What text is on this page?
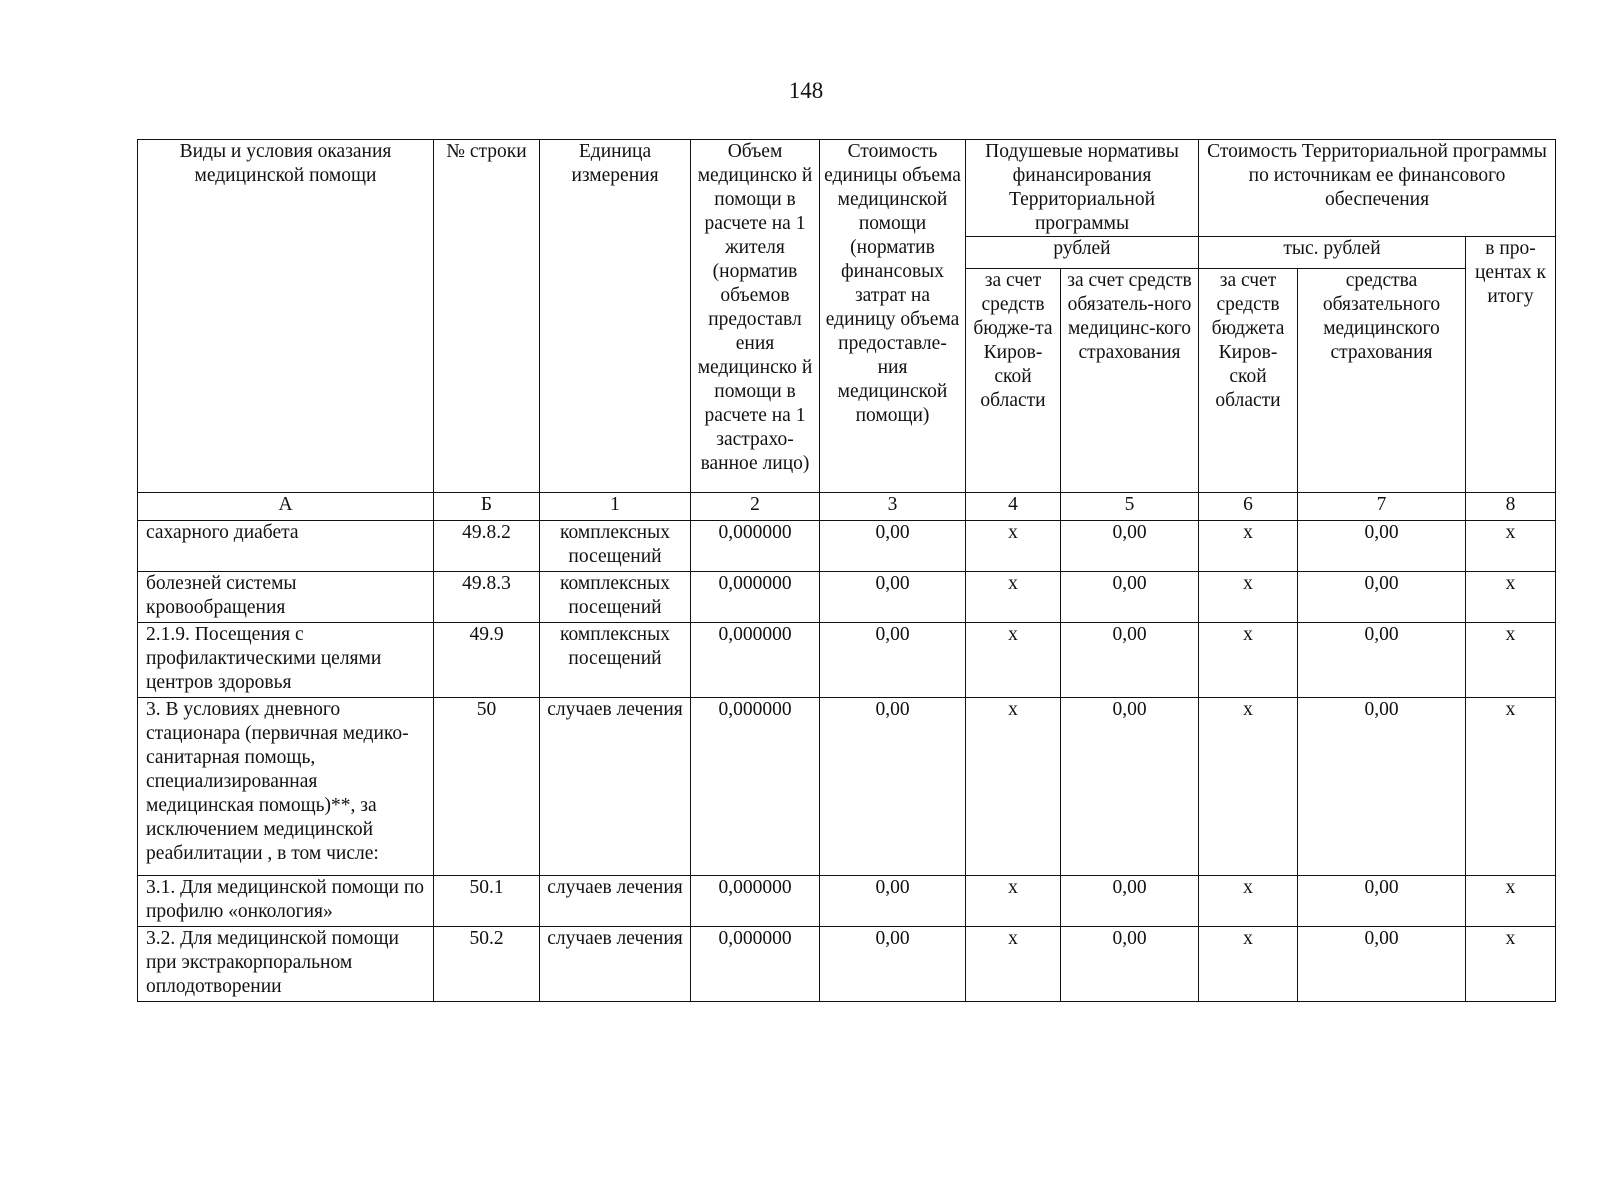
148
Виды и условия оказания медицинской помощи	№ строки	Единица измерения	Объем медицинско й помощи в расчете на 1 жителя (норматив объемов предоставл ения медицинско й помощи в расчете на 1 застрахо-ванное лицо)	Стоимость единицы объема медицинской помощи (норматив финансовых затрат на единицу объема предоставле-ния медицинской помощи)	Подушевые нормативы финансирования Территориальной программы		Стоимость Территориальной программы по источникам ее финансового обеспечения		
					рублей		тыс. рублей		в про-центах к итогу
					за счет средств бюдже-та Киров-ской области	за счет средств обязатель-ного медицинс-кого страхования	за счет средств бюджета Киров-ской области	средства обязательного медицинского страхования	
А	Б	1	2	3	4	5	6	7	8
сахарного диабета	49.8.2	комплексных посещений	0,000000	0,00	х	0,00	х	0,00	х
болезней системы кровообращения	49.8.3	комплексных посещений	0,000000	0,00	х	0,00	х	0,00	х
2.1.9. Посещения с профилактическими целями центров здоровья	49.9	комплексных посещений	0,000000	0,00	х	0,00	х	0,00	х
3. В условиях дневного стационара (первичная медико-санитарная помощь, специализированная медицинская помощь)**, за исключением медицинской реабилитации , в том числе:	50	случаев лечения	0,000000	0,00	х	0,00	х	0,00	х
3.1. Для медицинской помощи по профилю «онкология»	50.1	случаев лечения	0,000000	0,00	х	0,00	х	0,00	х
3.2. Для медицинской помощи при экстракорпоральном оплодотворении	50.2	случаев лечения	0,000000	0,00	х	0,00	х	0,00	х
